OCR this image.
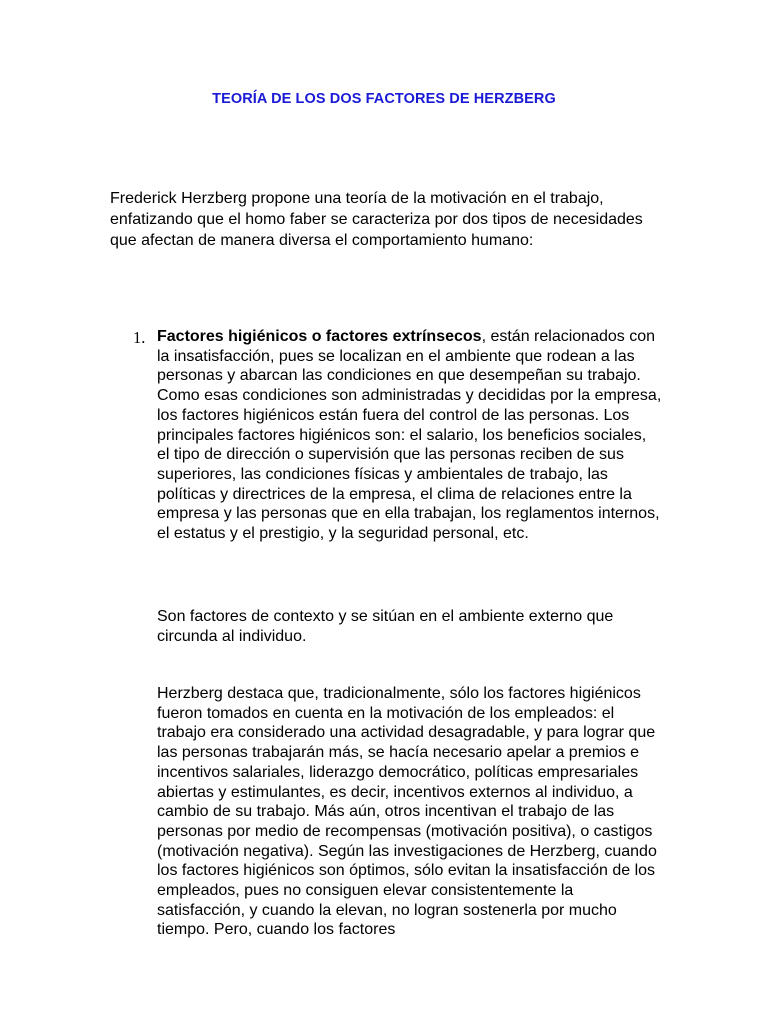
TEORÍA DE LOS DOS FACTORES DE HERZBERG

Frederick Herzberg propone una teoría de la motivación en el trabajo, enfatizando que el homo faber se caracteriza por dos tipos de necesidades que afectan de manera diversa el comportamiento humano:

1. Factores higiénicos o factores extrínsecos, están relacionados con la insatisfacción, pues se localizan en el ambiente que rodean a las personas y abarcan las condiciones en que desempeñan su trabajo. Como esas condiciones son administradas y decididas por la empresa, los factores higiénicos están fuera del control de las personas. Los principales factores higiénicos son: el salario, los beneficios sociales, el tipo de dirección o supervisión que las personas reciben de sus superiores, las condiciones físicas y ambientales de trabajo, las políticas y directrices de la empresa, el clima de relaciones entre la empresa y las personas que en ella trabajan, los reglamentos internos, el estatus y el prestigio, y la seguridad personal, etc.

Son factores de contexto y se sitúan en el ambiente externo que circunda al individuo.

Herzberg destaca que, tradicionalmente, sólo los factores higiénicos fueron tomados en cuenta en la motivación de los empleados: el trabajo era considerado una actividad desagradable, y para lograr que las personas trabajarán más, se hacía necesario apelar a premios e incentivos salariales, liderazgo democrático, políticas empresariales abiertas y estimulantes, es decir, incentivos externos al individuo, a cambio de su trabajo. Más aún, otros incentivan el trabajo de las personas por medio de recompensas (motivación positiva), o castigos (motivación negativa). Según las investigaciones de Herzberg, cuando los factores higiénicos son óptimos, sólo evitan la insatisfacción de los empleados, pues no consiguen elevar consistentemente la satisfacción, y cuando la elevan, no logran sostenerla por mucho tiempo. Pero, cuando los factores
